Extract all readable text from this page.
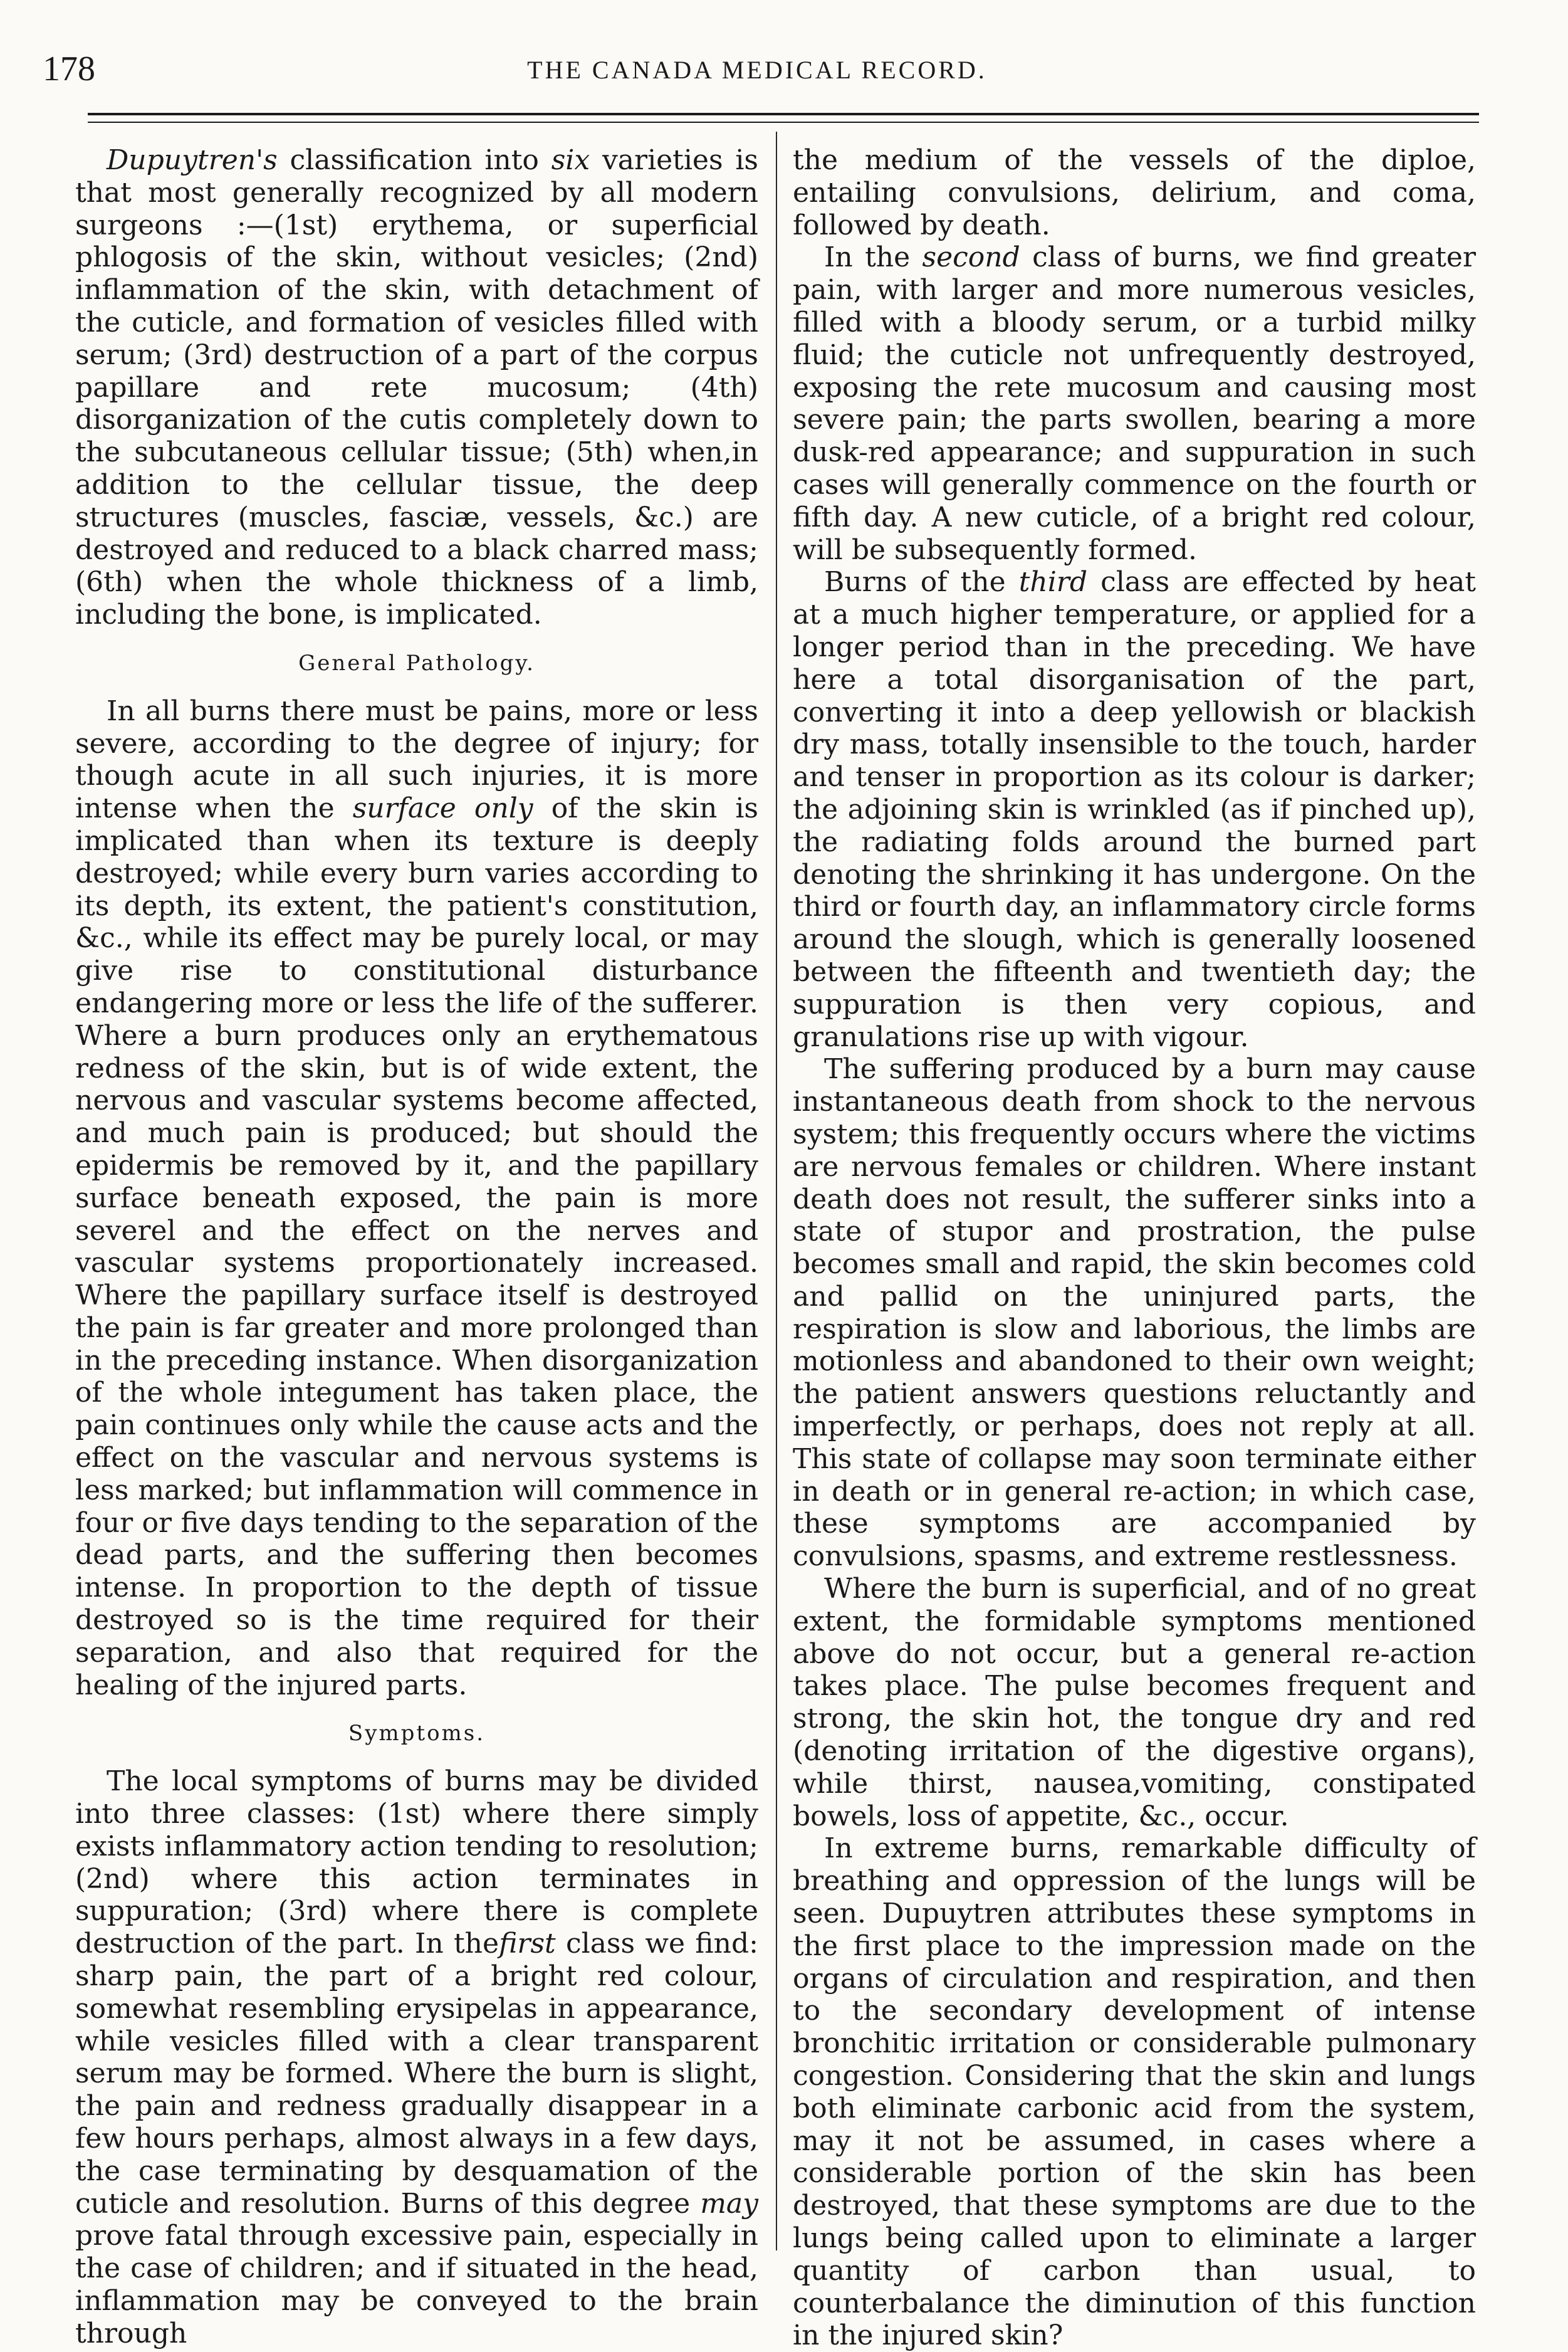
178	THE CANADA MEDICAL RECORD.

Dupuytren's classification into six varieties is that most generally recognized by all modern surgeons :—(1st) erythema, or superficial phlogosis of the skin, without vesicles; (2nd) inflammation of the skin, with detachment of the cuticle, and formation of vesicles filled with serum; (3rd) destruction of a part of the corpus papillare and rete mucosum; (4th) disorganization of the cutis completely down to the subcutaneous cellular tissue; (5th) when,in addition to the cellular tissue, the deep structures (muscles, fasciæ, vessels, &c.) are destroyed and reduced to a black charred mass; (6th) when the whole thickness of a limb, including the bone, is implicated.

General Pathology.

In all burns there must be pains, more or less severe, according to the degree of injury; for though acute in all such injuries, it is more intense when the surface only of the skin is implicated than when its texture is deeply destroyed; while every burn varies according to its depth, its extent, the patient's constitution, &c., while its effect may be purely local, or may give rise to constitutional disturbance endangering more or less the life of the sufferer. Where a burn produces only an erythematous redness of the skin, but is of wide extent, the nervous and vascular systems become affected, and much pain is produced; but should the epidermis be removed by it, and the papillary surface beneath exposed, the pain is more severel and the effect on the nerves and vascular systems proportionately increased. Where the papillary surface itself is destroyed the pain is far greater and more prolonged than in the preceding instance. When disorganization of the whole integument has taken place, the pain continues only while the cause acts and the effect on the vascular and nervous systems is less marked; but inflammation will commence in four or five days tending to the separation of the dead parts, and the suffering then becomes intense. In proportion to the depth of tissue destroyed so is the time required for their separation, and also that required for the healing of the injured parts.

Symptoms.

The local symptoms of burns may be divided into three classes: (1st) where there simply exists inflammatory action tending to resolution; (2nd) where this action terminates in suppuration; (3rd) where there is complete destruction of the part. In thefirst class we find: sharp pain, the part of a bright red colour, somewhat resembling erysipelas in appearance, while vesicles filled with a clear transparent serum may be formed. Where the burn is slight, the pain and redness gradually disappear in a few hours perhaps, almost always in a few days, the case terminating by desquamation of the cuticle and resolution. Burns of this degree may prove fatal through excessive pain, especially in the case of children; and if situated in the head, inflammation may be conveyed to the brain through

the medium of the vessels of the diploe, entailing convulsions, delirium, and coma, followed by death.

In the second class of burns, we find greater pain, with larger and more numerous vesicles, filled with a bloody serum, or a turbid milky fluid; the cuticle not unfrequently destroyed, exposing the rete mucosum and causing most severe pain; the parts swollen, bearing a more dusk-red appearance; and suppuration in such cases will generally commence on the fourth or fifth day. A new cuticle, of a bright red colour, will be subsequently formed.

Burns of the third class are effected by heat at a much higher temperature, or applied for a longer period than in the preceding. We have here a total disorganisation of the part, converting it into a deep yellowish or blackish dry mass, totally insensible to the touch, harder and tenser in proportion as its colour is darker; the adjoining skin is wrinkled (as if pinched up), the radiating folds around the burned part denoting the shrinking it has undergone. On the third or fourth day, an inflammatory circle forms around the slough, which is generally loosened between the fifteenth and twentieth day; the suppuration is then very copious, and granulations rise up with vigour.

The suffering produced by a burn may cause instantaneous death from shock to the nervous system; this frequently occurs where the victims are nervous females or children. Where instant death does not result, the sufferer sinks into a state of stupor and prostration, the pulse becomes small and rapid, the skin becomes cold and pallid on the uninjured parts, the respiration is slow and laborious, the limbs are motionless and abandoned to their own weight; the patient answers questions reluctantly and imperfectly, or perhaps, does not reply at all. This state of collapse may soon terminate either in death or in general re-action; in which case, these symptoms are accompanied by convulsions, spasms, and extreme restlessness.

Where the burn is superficial, and of no great extent, the formidable symptoms mentioned above do not occur, but a general re-action takes place. The pulse becomes frequent and strong, the skin hot, the tongue dry and red (denoting irritation of the digestive organs), while thirst, nausea,vomiting, constipated bowels, loss of appetite, &c., occur.

In extreme burns, remarkable difficulty of breathing and oppression of the lungs will be seen. Dupuytren attributes these symptoms in the first place to the impression made on the organs of circulation and respiration, and then to the secondary development of intense bronchitic irritation or considerable pulmonary congestion. Considering that the skin and lungs both eliminate carbonic acid from the system, may it not be assumed, in cases where a considerable portion of the skin has been destroyed, that these symptoms are due to the lungs being called upon to eliminate a larger quantity of carbon than usual, to counterbalance the diminution of this function in the injured skin?
